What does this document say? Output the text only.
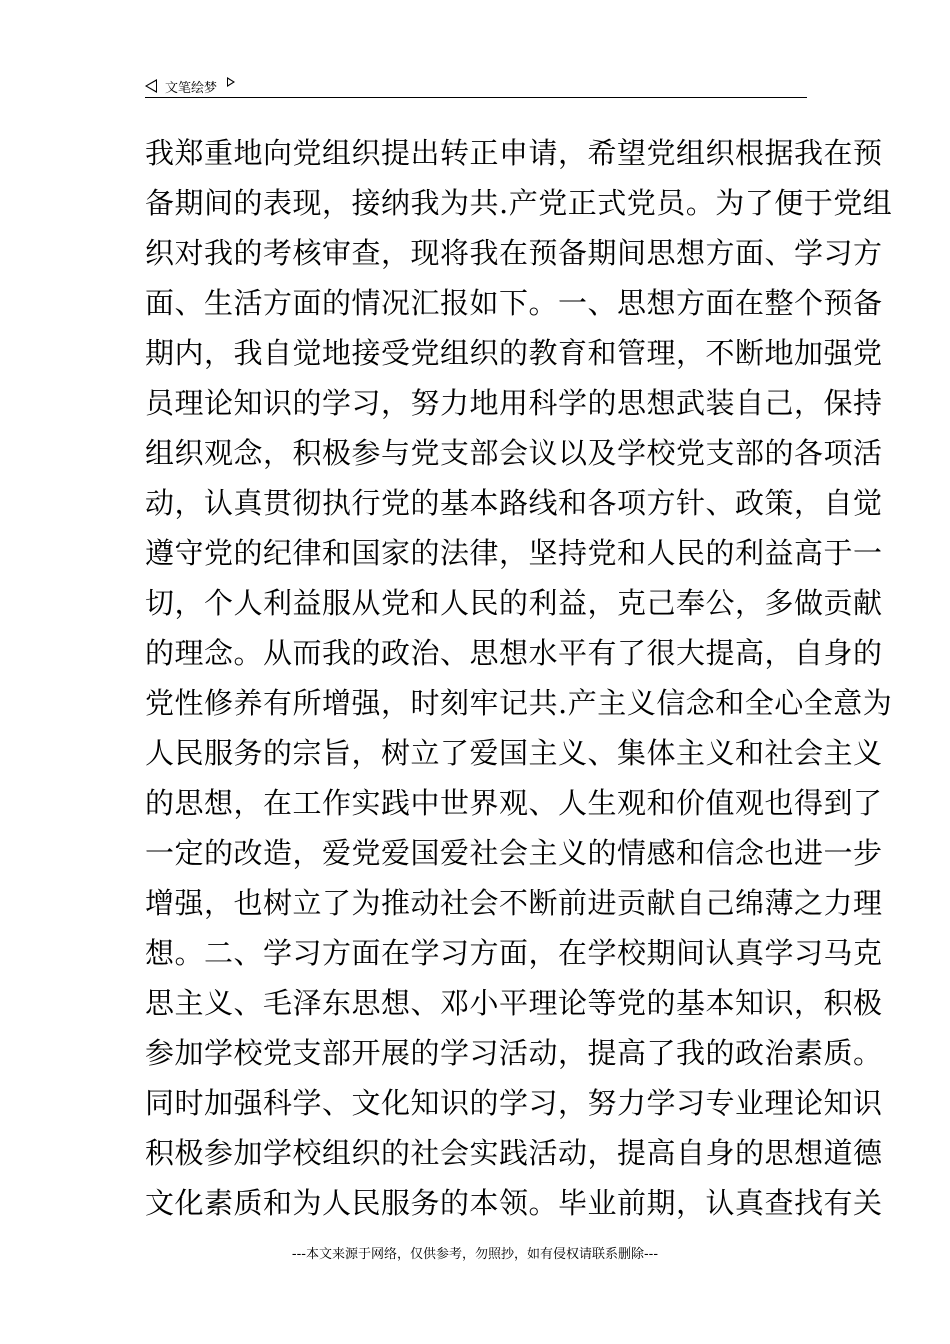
文笔绘梦
我郑重地向党组织提出转正申请，希望党组织根据我在预
备期间的表现，接纳我为共.产党正式党员。为了便于党组
织对我的考核审查，现将我在预备期间思想方面、学习方
面、生活方面的情况汇报如下。一、思想方面在整个预备
期内，我自觉地接受党组织的教育和管理，不断地加强党
员理论知识的学习，努力地用科学的思想武装自己，保持
组织观念，积极参与党支部会议以及学校党支部的各项活
动，认真贯彻执行党的基本路线和各项方针、政策，自觉
遵守党的纪律和国家的法律，坚持党和人民的利益高于一
切，个人利益服从党和人民的利益，克己奉公，多做贡献
的理念。从而我的政治、思想水平有了很大提高，自身的
党性修养有所增强，时刻牢记共.产主义信念和全心全意为
人民服务的宗旨，树立了爱国主义、集体主义和社会主义
的思想，在工作实践中世界观、人生观和价值观也得到了
一定的改造，爱党爱国爱社会主义的情感和信念也进一步
增强，也树立了为推动社会不断前进贡献自己绵薄之力理
想。二、学习方面在学习方面，在学校期间认真学习马克
思主义、毛泽东思想、邓小平理论等党的基本知识，积极
参加学校党支部开展的学习活动，提高了我的政治素质。
同时加强科学、文化知识的学习，努力学习专业理论知识
积极参加学校组织的社会实践活动，提高自身的思想道德
文化素质和为人民服务的本领。毕业前期，认真查找有关
---本文来源于网络，仅供参考，勿照抄，如有侵权请联系删除---
